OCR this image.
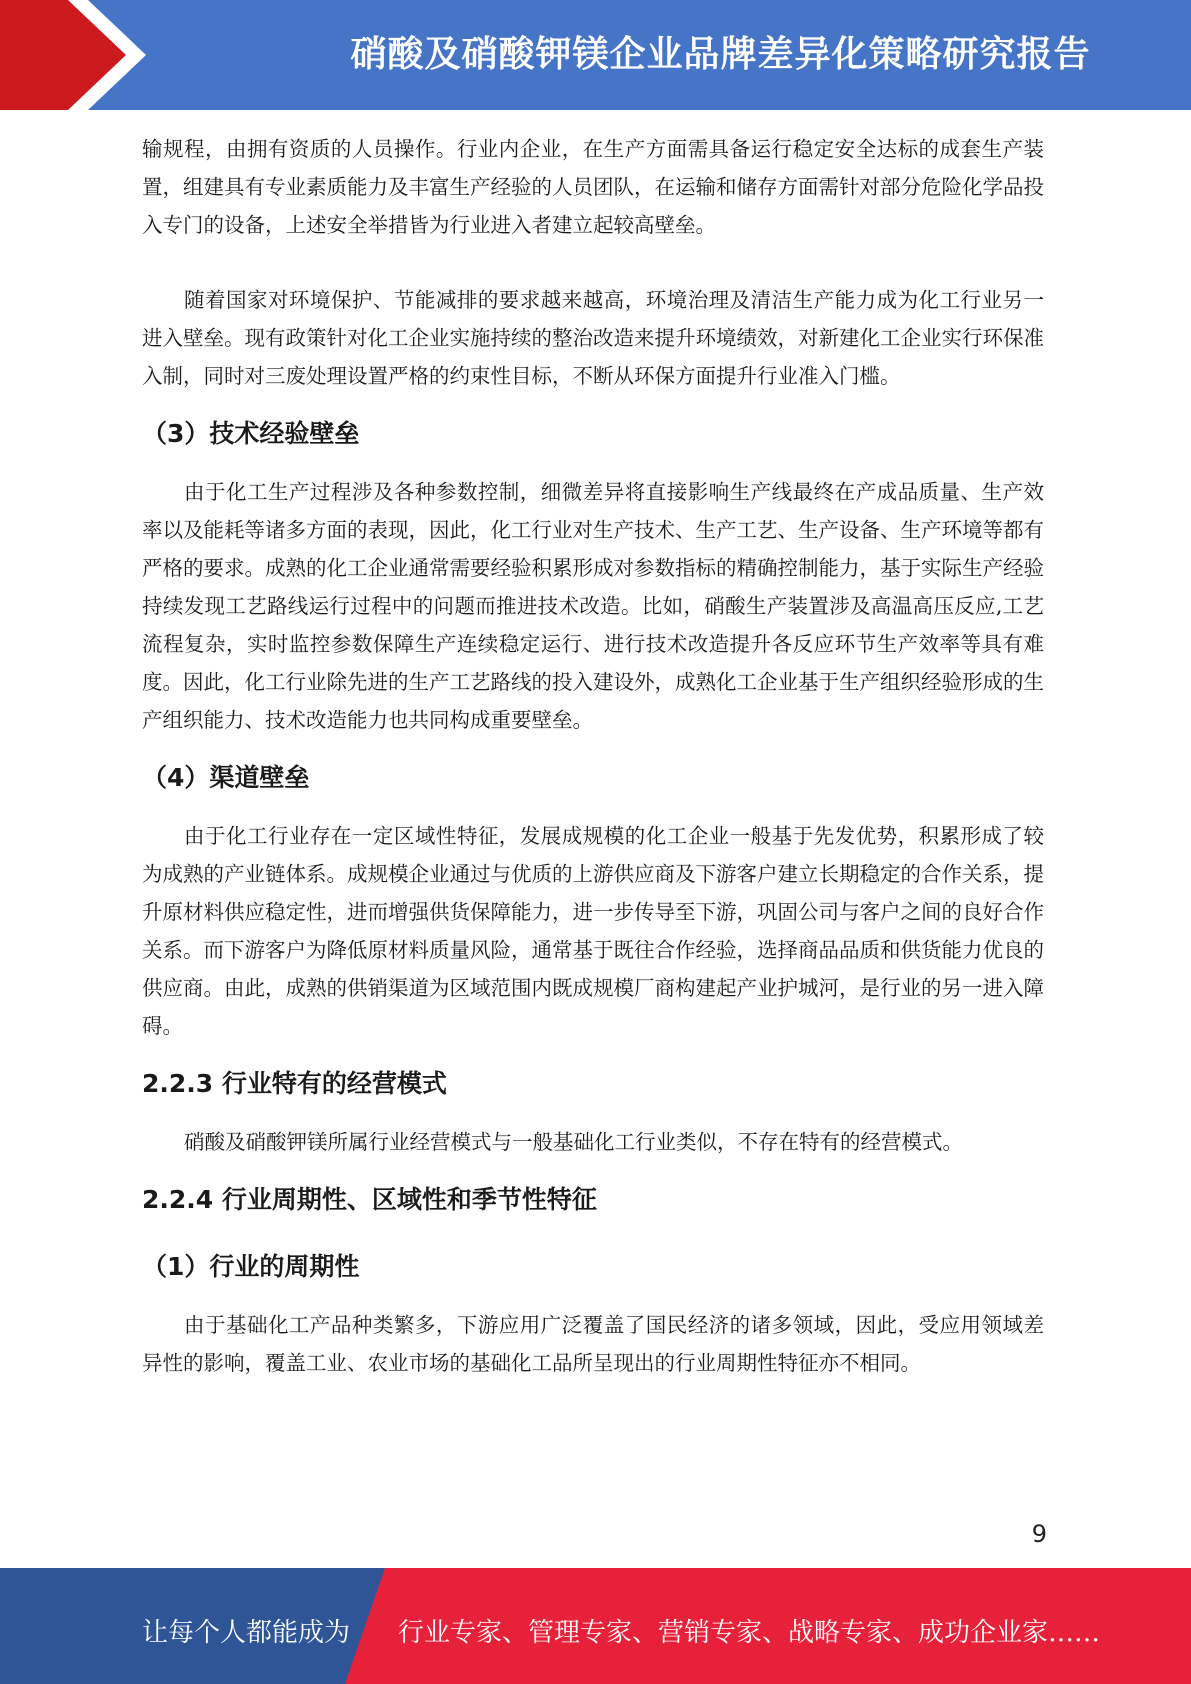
硝酸及硝酸钾镁企业品牌差异化策略研究报告

输规程，由拥有资质的人员操作。行业内企业，在生产方面需具备运行稳定安全达标的成套生产装置，组建具有专业素质能力及丰富生产经验的人员团队，在运输和储存方面需针对部分危险化学品投入专门的设备，上述安全举措皆为行业进入者建立起较高壁垒。

随着国家对环境保护、节能减排的要求越来越高，环境治理及清洁生产能力成为化工行业另一进入壁垒。现有政策针对化工企业实施持续的整治改造来提升环境绩效，对新建化工企业实行环保准入制，同时对三废处理设置严格的约束性目标，不断从环保方面提升行业准入门槛。

（3）技术经验壁垒

由于化工生产过程涉及各种参数控制，细微差异将直接影响生产线最终在产成品质量、生产效率以及能耗等诸多方面的表现，因此，化工行业对生产技术、生产工艺、生产设备、生产环境等都有严格的要求。成熟的化工企业通常需要经验积累形成对参数指标的精确控制能力，基于实际生产经验持续发现工艺路线运行过程中的问题而推进技术改造。比如，硝酸生产装置涉及高温高压反应,工艺流程复杂，实时监控参数保障生产连续稳定运行、进行技术改造提升各反应环节生产效率等具有难度。因此，化工行业除先进的生产工艺路线的投入建设外，成熟化工企业基于生产组织经验形成的生产组织能力、技术改造能力也共同构成重要壁垒。

（4）渠道壁垒

由于化工行业存在一定区域性特征，发展成规模的化工企业一般基于先发优势，积累形成了较为成熟的产业链体系。成规模企业通过与优质的上游供应商及下游客户建立长期稳定的合作关系，提升原材料供应稳定性，进而增强供货保障能力，进一步传导至下游，巩固公司与客户之间的良好合作关系。而下游客户为降低原材料质量风险，通常基于既往合作经验，选择商品品质和供货能力优良的供应商。由此，成熟的供销渠道为区域范围内既成规模厂商构建起产业护城河，是行业的另一进入障碍。

2.2.3 行业特有的经营模式

硝酸及硝酸钾镁所属行业经营模式与一般基础化工行业类似，不存在特有的经营模式。

2.2.4 行业周期性、区域性和季节性特征
（1）行业的周期性

由于基础化工产品种类繁多，下游应用广泛覆盖了国民经济的诸多领域，因此，受应用领域差异性的影响，覆盖工业、农业市场的基础化工品所呈现出的行业周期性特征亦不相同。

9
让每个人都能成为 行业专家、管理专家、营销专家、战略专家、成功企业家……
